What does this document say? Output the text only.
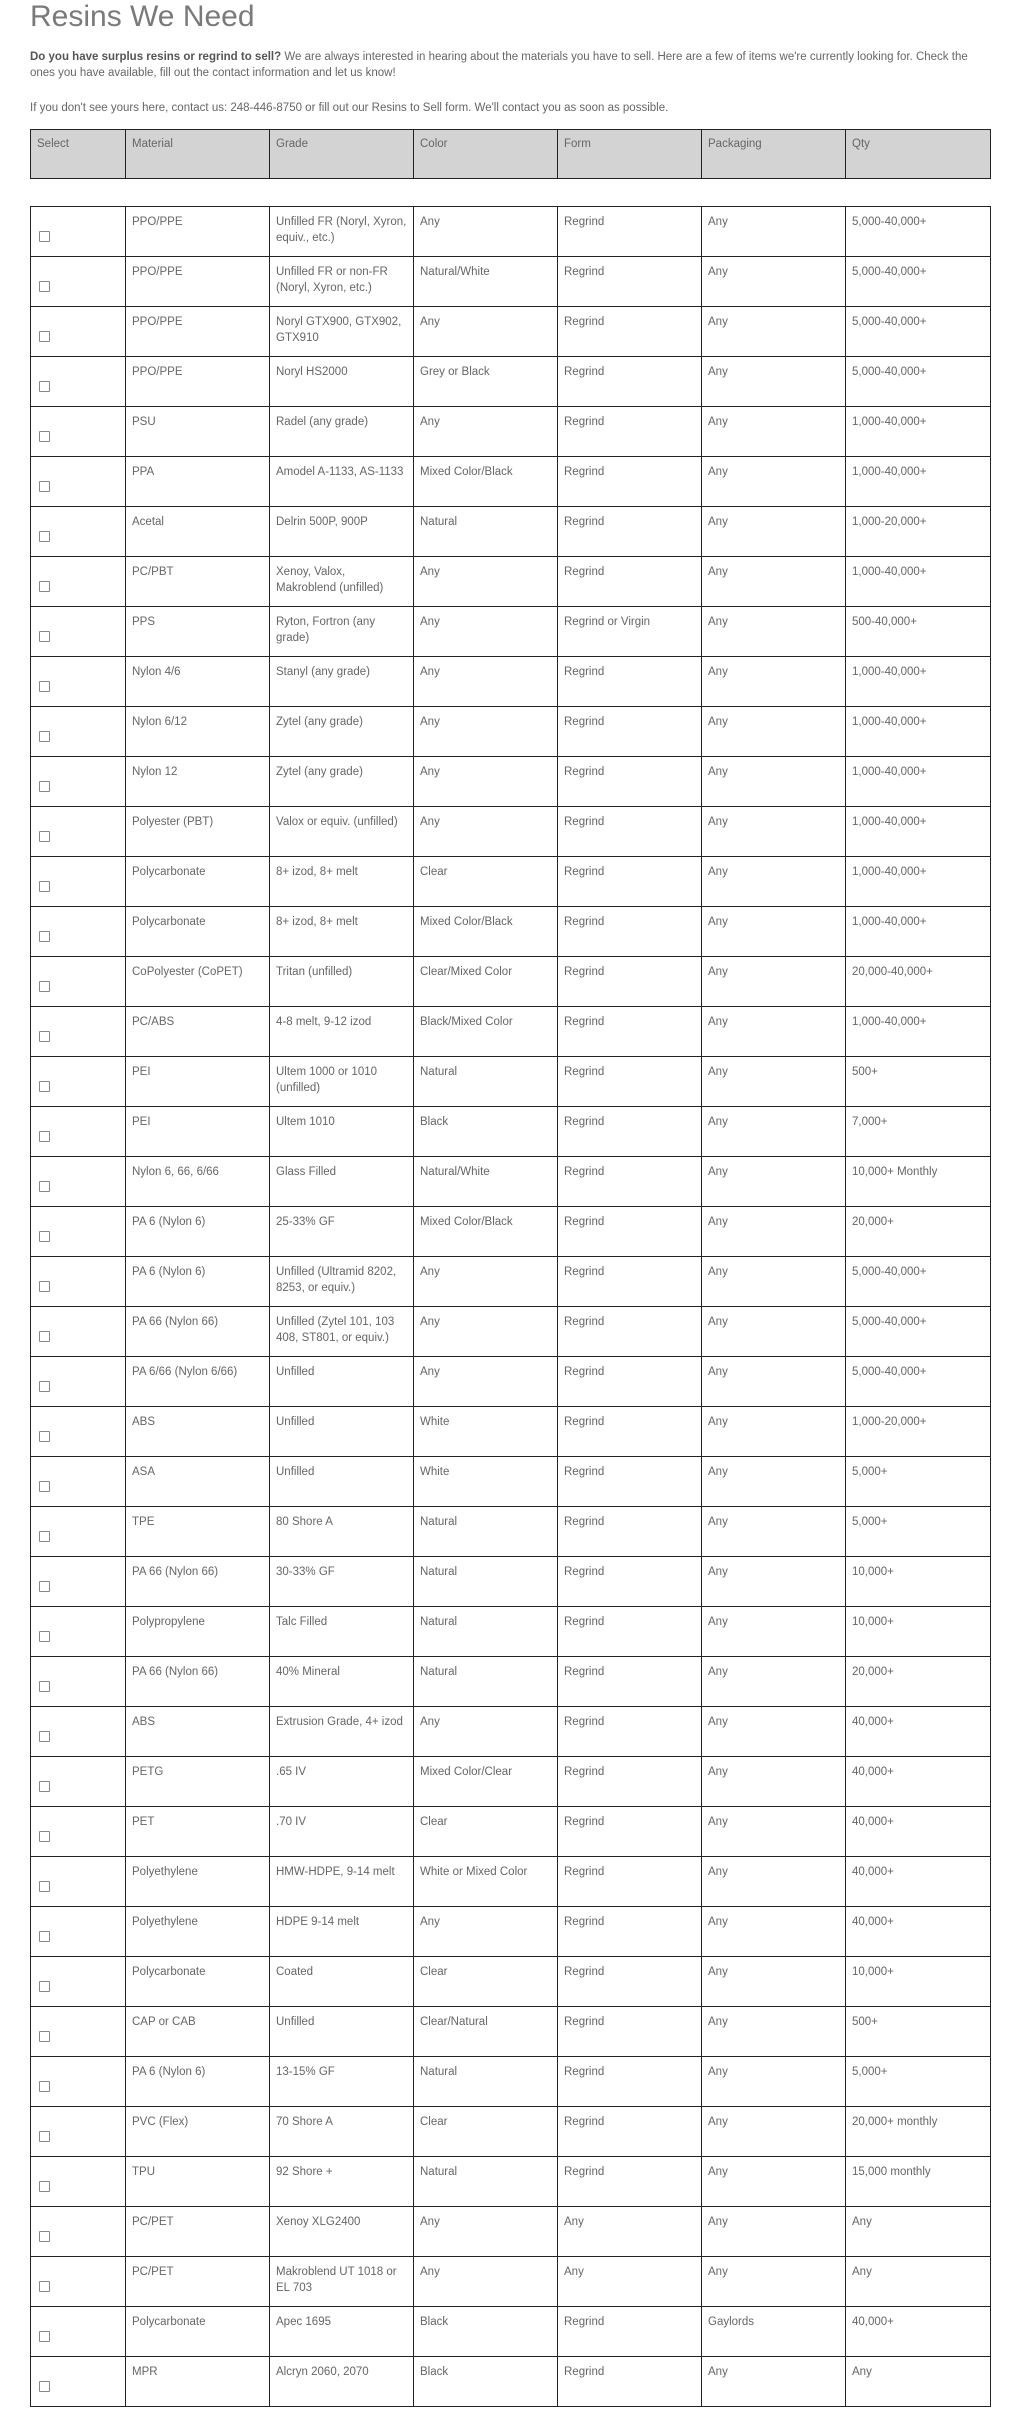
Resins We Need

Do you have surplus resins or regrind to sell? We are always interested in hearing about the materials you have to sell. Here are a few of items we're currently looking for. Check the ones you have available, fill out the contact information and let us know!

If you don't see yours here, contact us: 248-446-8750 or fill out our Resins to Sell form. We'll contact you as soon as possible.

Select	Material	Grade	Color	Form	Packaging	Qty
	PPO/PPE	Unfilled FR (Noryl, Xyron, equiv., etc.)	Any	Regrind	Any	5,000-40,000+
	PPO/PPE	Unfilled FR or non-FR (Noryl, Xyron, etc.)	Natural/White	Regrind	Any	5,000-40,000+
	PPO/PPE	Noryl GTX900, GTX902, GTX910	Any	Regrind	Any	5,000-40,000+
	PPO/PPE	Noryl HS2000	Grey or Black	Regrind	Any	5,000-40,000+
	PSU	Radel (any grade)	Any	Regrind	Any	1,000-40,000+
	PPA	Amodel A-1133, AS-1133	Mixed Color/Black	Regrind	Any	1,000-40,000+
	Acetal	Delrin 500P, 900P	Natural	Regrind	Any	1,000-20,000+
	PC/PBT	Xenoy, Valox, Makroblend (unfilled)	Any	Regrind	Any	1,000-40,000+
	PPS	Ryton, Fortron (any grade)	Any	Regrind or Virgin	Any	500-40,000+
	Nylon 4/6	Stanyl (any grade)	Any	Regrind	Any	1,000-40,000+
	Nylon 6/12	Zytel (any grade)	Any	Regrind	Any	1,000-40,000+
	Nylon 12	Zytel (any grade)	Any	Regrind	Any	1,000-40,000+
	Polyester (PBT)	Valox or equiv. (unfilled)	Any	Regrind	Any	1,000-40,000+
	Polycarbonate	8+ izod, 8+ melt	Clear	Regrind	Any	1,000-40,000+
	Polycarbonate	8+ izod, 8+ melt	Mixed Color/Black	Regrind	Any	1,000-40,000+
	CoPolyester (CoPET)	Tritan (unfilled)	Clear/Mixed Color	Regrind	Any	20,000-40,000+
	PC/ABS	4-8 melt, 9-12 izod	Black/Mixed Color	Regrind	Any	1,000-40,000+
	PEI	Ultem 1000 or 1010 (unfilled)	Natural	Regrind	Any	500+
	PEI	Ultem 1010	Black	Regrind	Any	7,000+
	Nylon 6, 66, 6/66	Glass Filled	Natural/White	Regrind	Any	10,000+ Monthly
	PA 6 (Nylon 6)	25-33% GF	Mixed Color/Black	Regrind	Any	20,000+
	PA 6 (Nylon 6)	Unfilled (Ultramid 8202, 8253, or equiv.)	Any	Regrind	Any	5,000-40,000+
	PA 66 (Nylon 66)	Unfilled (Zytel 101, 103 408, ST801, or equiv.)	Any	Regrind	Any	5,000-40,000+
	PA 6/66 (Nylon 6/66)	Unfilled	Any	Regrind	Any	5,000-40,000+
	ABS	Unfilled	White	Regrind	Any	1,000-20,000+
	ASA	Unfilled	White	Regrind	Any	5,000+
	TPE	80 Shore A	Natural	Regrind	Any	5,000+
	PA 66 (Nylon 66)	30-33% GF	Natural	Regrind	Any	10,000+
	Polypropylene	Talc Filled	Natural	Regrind	Any	10,000+
	PA 66 (Nylon 66)	40% Mineral	Natural	Regrind	Any	20,000+
	ABS	Extrusion Grade, 4+ izod	Any	Regrind	Any	40,000+
	PETG	.65 IV	Mixed Color/Clear	Regrind	Any	40,000+
	PET	.70 IV	Clear	Regrind	Any	40,000+
	Polyethylene	HMW-HDPE, 9-14 melt	White or Mixed Color	Regrind	Any	40,000+
	Polyethylene	HDPE 9-14 melt	Any	Regrind	Any	40,000+
	Polycarbonate	Coated	Clear	Regrind	Any	10,000+
	CAP or CAB	Unfilled	Clear/Natural	Regrind	Any	500+
	PA 6 (Nylon 6)	13-15% GF	Natural	Regrind	Any	5,000+
	PVC (Flex)	70 Shore A	Clear	Regrind	Any	20,000+ monthly
	TPU	92 Shore +	Natural	Regrind	Any	15,000 monthly
	PC/PET	Xenoy XLG2400	Any	Any	Any	Any
	PC/PET	Makroblend UT 1018 or EL 703	Any	Any	Any	Any
	Polycarbonate	Apec 1695	Black	Regrind	Gaylords	40,000+
	MPR	Alcryn 2060, 2070	Black	Regrind	Any	Any
